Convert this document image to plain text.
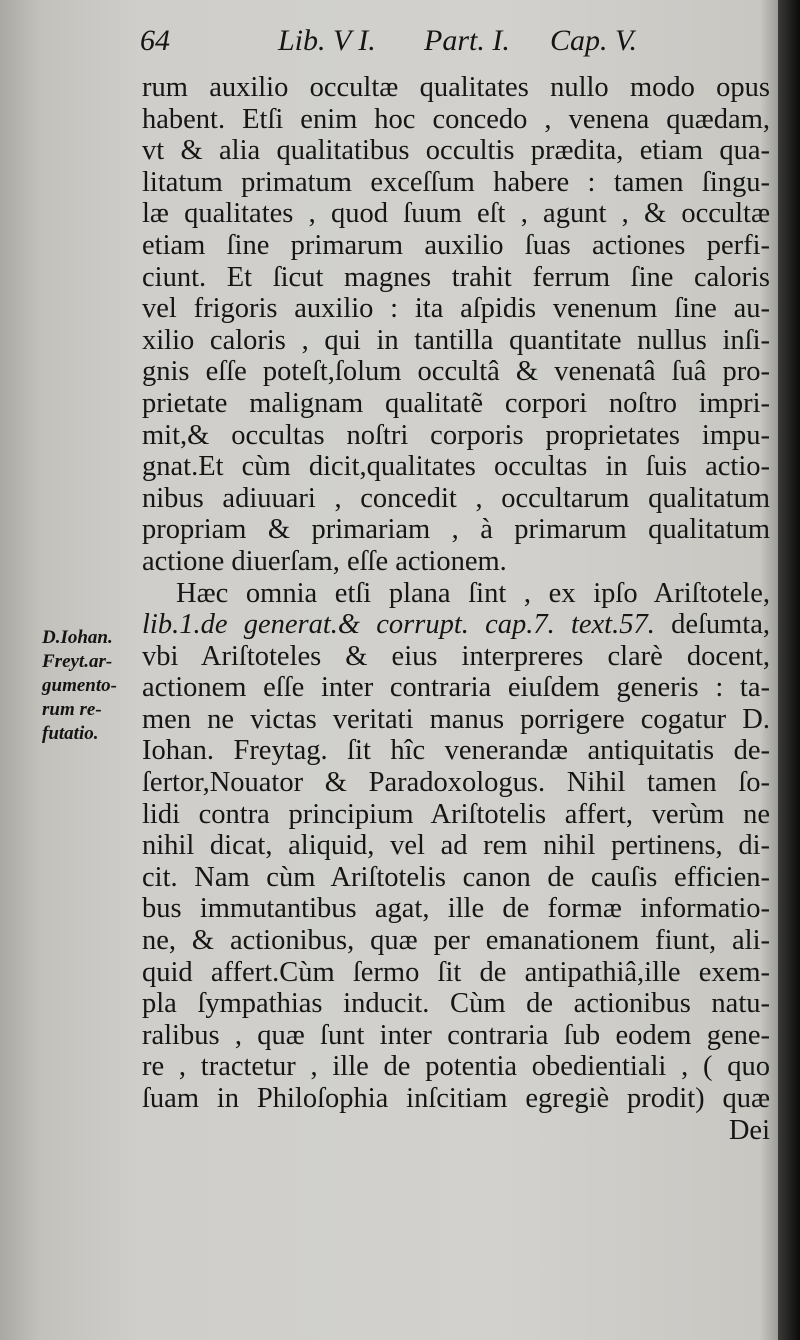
64	Lib. V I. Part. I. Cap. V.
D.Iohan.
Freyt.ar-
gumento-
rum re-
futatio.
rum auxilio occultæ qualitates nullo modo opus
habent. Etſi enim hoc concedo , venena quædam,
vt & alia qualitatibus occultis prædita, etiam qua-
litatum primatum exceſſum habere : tamen ſingu-
læ qualitates , quod ſuum eſt , agunt , & occultæ
etiam ſine primarum auxilio ſuas actiones perfi-
ciunt. Et ſicut magnes trahit ferrum ſine caloris
vel frigoris auxilio : ita aſpidis venenum ſine au-
xilio caloris , qui in tantilla quantitate nullus inſi-
gnis eſſe poteſt,ſolum occultâ & venenatâ ſuâ pro-
prietate malignam qualitatẽ corpori noſtro impri-
mit,& occultas noſtri corporis proprietates impu-
gnat.Et cùm dicit,qualitates occultas in ſuis actio-
nibus adiuuari , concedit , occultarum qualitatum
propriam & primariam , à primarum qualitatum
actione diuerſam, eſſe actionem.
Hæc omnia etſi plana ſint , ex ipſo Ariſtotele,
lib.1.de generat.& corrupt. cap.7. text.57. deſumta,
vbi Ariſtoteles & eius interpreres clarè docent,
actionem eſſe inter contraria eiuſdem generis : ta-
men ne victas veritati manus porrigere cogatur D.
Iohan. Freytag. ſit hîc venerandæ antiquitatis de-
ſertor,Nouator & Paradoxologus. Nihil tamen ſo-
lidi contra principium Ariſtotelis affert, verùm ne
nihil dicat, aliquid, vel ad rem nihil pertinens, di-
cit. Nam cùm Ariſtotelis canon de cauſis efficien-
bus immutantibus agat, ille de formæ informatio-
ne, & actionibus, quæ per emanationem fiunt, ali-
quid affert.Cùm ſermo ſit de antipathiâ,ille exem-
pla ſympathias inducit. Cùm de actionibus natu-
ralibus , quæ ſunt inter contraria ſub eodem gene-
re , tractetur , ille de potentia obedientiali , ( quo
ſuam in Philoſophia inſcitiam egregiè prodit) quæ
Dei
